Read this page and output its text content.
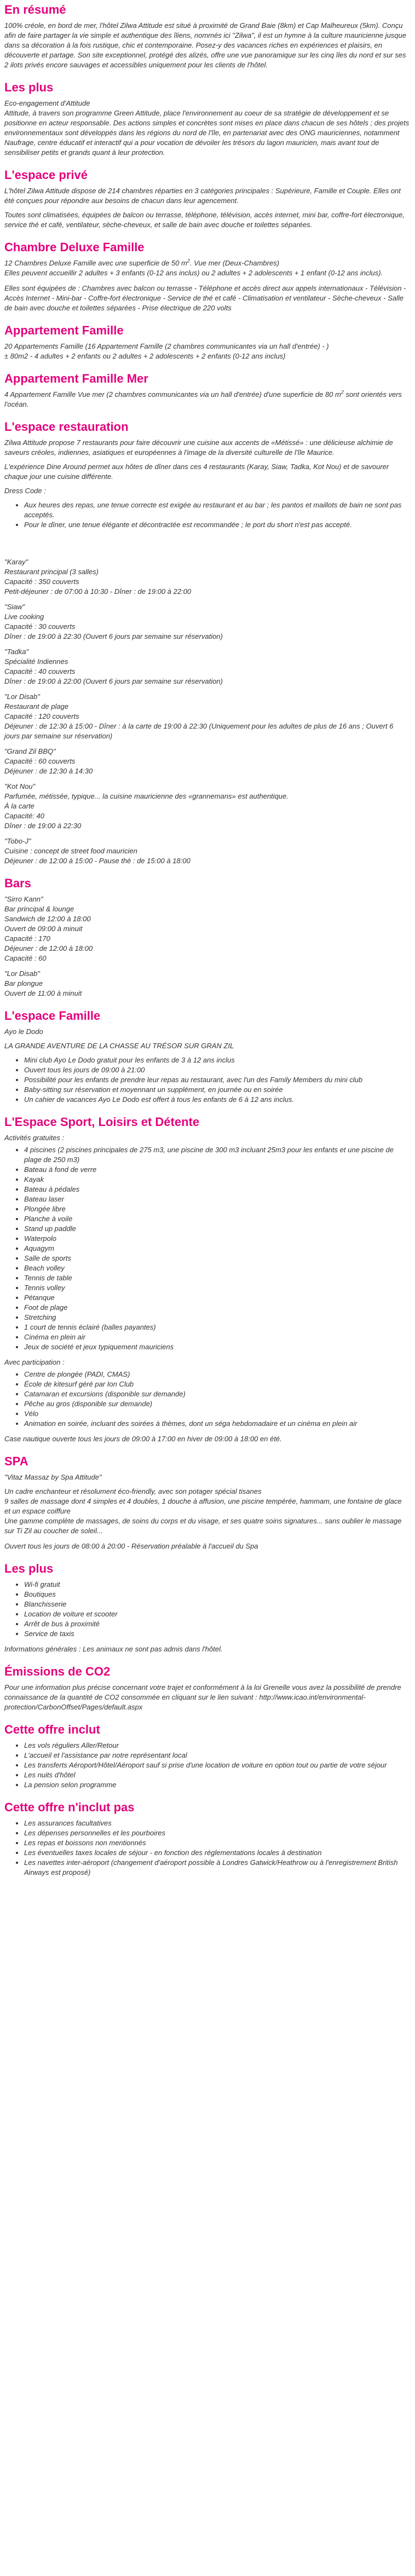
En résumé

100% créole, en bord de mer, l'hôtel Zilwa Attitude est situé à proximité de Grand Baie (8km) et Cap Malheureux (5km). Conçu afin de faire partager la vie simple et authentique des îliens, nommés ici "Zilwa", il est un hymne à la culture mauricienne jusque dans sa décoration à la fois rustique, chic et contemporaine. Posez-y des vacances riches en expériences et plaisirs, en découverte et partage. Son site exceptionnel, protégé des alizés, offre une vue panoramique sur les cinq îles du nord et sur ses 2 ilots privés encore sauvages et accessibles uniquement pour les clients de l'hôtel.

Les plus

Eco-engagement d'Attitude

Attitude, à travers son programme Green Attitude, place l'environnement au coeur de sa stratégie de développement et se positionne en acteur responsable. Des actions simples et concrètes sont mises en place dans chacun de ses hôtels ; des projets environnementaux sont développés dans les régions du nord de l'île, en partenariat avec des ONG mauriciennes, notamment Naufrage, centre éducatif et interactif qui a pour vocation de dévoiler les trésors du lagon mauricien, mais avant tout de sensibiliser petits et grands quant à leur protection.

L'espace privé

L'hôtel Zilwa Attitude dispose de 214 chambres réparties en 3 catégories principales : Supérieure, Famille et Couple. Elles ont été conçues pour répondre aux besoins de chacun dans leur agencement.

Toutes sont climatisées, équipées de balcon ou terrasse, téléphone, télévision, accès internet, mini bar, coffre-fort électronique, service thé et café, ventilateur, sèche-cheveux, et salle de bain avec douche et toilettes séparées.

Chambre Deluxe Famille

12 Chambres Deluxe Famille avec une superficie de 50 $m^2$. Vue mer (Deux-Chambres)
Elles peuvent accueillir 2 adultes + 3 enfants (0-12 ans inclus) ou 2 adultes + 2 adolescents + 1 enfant (0-12 ans inclus).

Elles sont équipées de : Chambres avec balcon ou terrasse - Téléphone et accès direct aux appels internationaux - Télévision - Accès Internet - Mini-bar - Coffre-fort électronique - Service de thé et café - Climatisation et ventilateur - Sèche-cheveux - Salle de bain avec douche et toilettes séparées - Prise électrique de 220 volts

Appartement Famille

20 Appartements Famille (16 Appartement Famille (2 chambres communicantes via un hall d'entrée) - )
± 80m2 - 4 adultes + 2 enfants ou 2 adultes + 2 adolescents + 2 enfants (0-12 ans inclus)

Appartement Famille Mer

4 Appartement Famille Vue mer (2 chambres communicantes via un hall d'entrée) d'une superficie de 80 $m^2$ sont orientés vers l'océan.

L'espace restauration

Zilwa Attitude propose 7 restaurants pour faire découvrir une cuisine aux accents de «Métissé» : une délicieuse alchimie de saveurs créoles, indiennes, asiatiques et européennes à l'image de la diversité culturelle de l'île Maurice.

L'expérience Dine Around permet aux hôtes de dîner dans ces 4 restaurants (Karay, Siaw, Tadka, Kot Nou) et de savourer chaque jour une cuisine différente.

Dress Code :

• Aux heures des repas, une tenue correcte est exigée au restaurant et au bar ; les pantos et maillots de bain ne sont pas acceptés.
• Pour le dîner, une tenue élégante et décontractée est recommandée ; le port du short n'est pas accepté.

"Karay"
Restaurant principal (3 salles)
Capacité : 350 couverts
Petit-déjeuner : de 07:00 à 10:30 - Dîner : de 19:00 à 22:00

"Siaw"
Live cooking
Capacité : 30 couverts
Dîner : de 19:00 à 22:30 (Ouvert 6 jours par semaine sur réservation)

"Tadka"
Spécialité Indiennes
Capacité : 40 couverts
Dîner : de 19:00 à 22:00 (Ouvert 6 jours par semaine sur réservation)

"Lor Disab"
Restaurant de plage
Capacité : 120 couverts
Déjeuner : de 12:30 à 15:00 - Dîner : à la carte de 19:00 à 22:30 (Uniquement pour les adultes de plus de 16 ans ; Ouvert 6 jours par semaine sur réservation)

"Grand Zil BBQ"
Capacité : 60 couverts
Déjeuner : de 12:30 à 14:30

"Kot Nou"
Parfumée, métissée, typique... la cuisine mauricienne des «grannemans» est authentique.
À la carte
Capacité: 40
Dîner : de 19:00 à 22:30

"Tobo-J"
Cuisine : concept de street food mauricien
Déjeuner : de 12:00 à 15:00 - Pause thé : de 15:00 à 18:00

Bars

"Sirro Kann"
Bar principal & lounge
Sandwich de 12:00 à 18:00
Ouvert de 09:00 à minuit
Capacité : 170
Déjeuner : de 12:00 à 18:00
Capacité : 60

"Lor Disab"
Bar plongue
Ouvert de 11:00 à minuit

L'espace Famille

Ayo le Dodo

LA GRANDE AVENTURE DE LA CHASSE AU TRÉSOR SUR GRAN ZIL

• Mini club Ayo Le Dodo gratuit pour les enfants de 3 à 12 ans inclus
• Ouvert tous les jours de 09:00 à 21:00
• Possibilité pour les enfants de prendre leur repas au restaurant, avec l'un des Family Members du mini club
• Baby-sitting sur réservation et moyennant un supplément, en journée ou en soirée
• Un cahier de vacances Ayo Le Dodo est offert à tous les enfants de 6 à 12 ans inclus.
L'Espace Sport, Loisirs et Détente

Activités gratuites :

• 4 piscines (2 piscines principales de 275 m3, une piscine de 300 m3 incluant 25m3 pour les enfants et une piscine de plage de 250 m3)
• Bateau à fond de verre
• Kayak
• Bateau à pédales
• Bateau laser
• Plongée libre
• Planche à voile
• Stand up paddle
• Waterpolo
• Aquagym
• Salle de sports
• Beach volley
• Tennis de table
• Tennis volley
• Pétanque
• Foot de plage
• Stretching
• 1 court de tennis éclairé (balles payantes)
• Cinéma en plein air
• Jeux de société et jeux typiquement mauriciens

Avec participation :

• Centre de plongée (PADI, CMAS)
• École de kitesurf géré par Ion Club
• Catamaran et excursions (disponible sur demande)
• Pêche au gros (disponible sur demande)
• Vélo
• Animation en soirée, incluant des soirées à thèmes, dont un séga hebdomadaire et un cinéma en plein air

Case nautique ouverte tous les jours de 09:00 à 17:00 en hiver de 09:00 à 18:00 en été.

SPA

"Vitaz Massaz by Spa Attitude"

Un cadre enchanteur et résolument éco-friendly, avec son potager spécial tisanes
9 salles de massage dont 4 simples et 4 doubles, 1 douche à affusion, une piscine tempérée, hammam, une fontaine de glace et un espace coiffure
Une gamme complète de massages, de soins du corps et du visage, et ses quatre soins signatures... sans oublier le massage sur Ti Zil au coucher de soleil...

Ouvert tous les jours de 08:00 à 20:00 - Réservation préalable à l'accueil du Spa

Les plus
• Wi-fi gratuit
• Boutiques
• Blanchisserie
• Location de voiture et scooter
• Arrêt de bus à proximité
• Service de taxis

Informations générales : Les animaux ne sont pas admis dans l'hôtel.

Émissions de CO2

Pour une information plus précise concernant votre trajet et conformément à la loi Grenelle vous avez la possibilité de prendre connaissance de la quantité de CO2 consommée en cliquant sur le lien suivant : http://www.icao.int/environmental-protection/CarbonOffset/Pages/default.aspx

Cette offre inclut
• Les vols réguliers Aller/Retour
• L'accueil et l'assistance par notre représentant local
• Les transferts Aéroport/Hôtel/Aéroport sauf si prise d'une location de voiture en option tout ou partie de votre séjour
• Les nuits d'hôtel
• La pension selon programme
Cette offre n'inclut pas
• Les assurances facultatives
• Les dépenses personnelles et les pourboires
• Les repas et boissons non mentionnés
• Les éventuelles taxes locales de séjour - en fonction des réglementations locales à destination
• Les navettes inter-aéroport (changement d'aéroport possible à Londres Gatwick/Heathrow ou à l'enregistrement British Airways est proposé)
